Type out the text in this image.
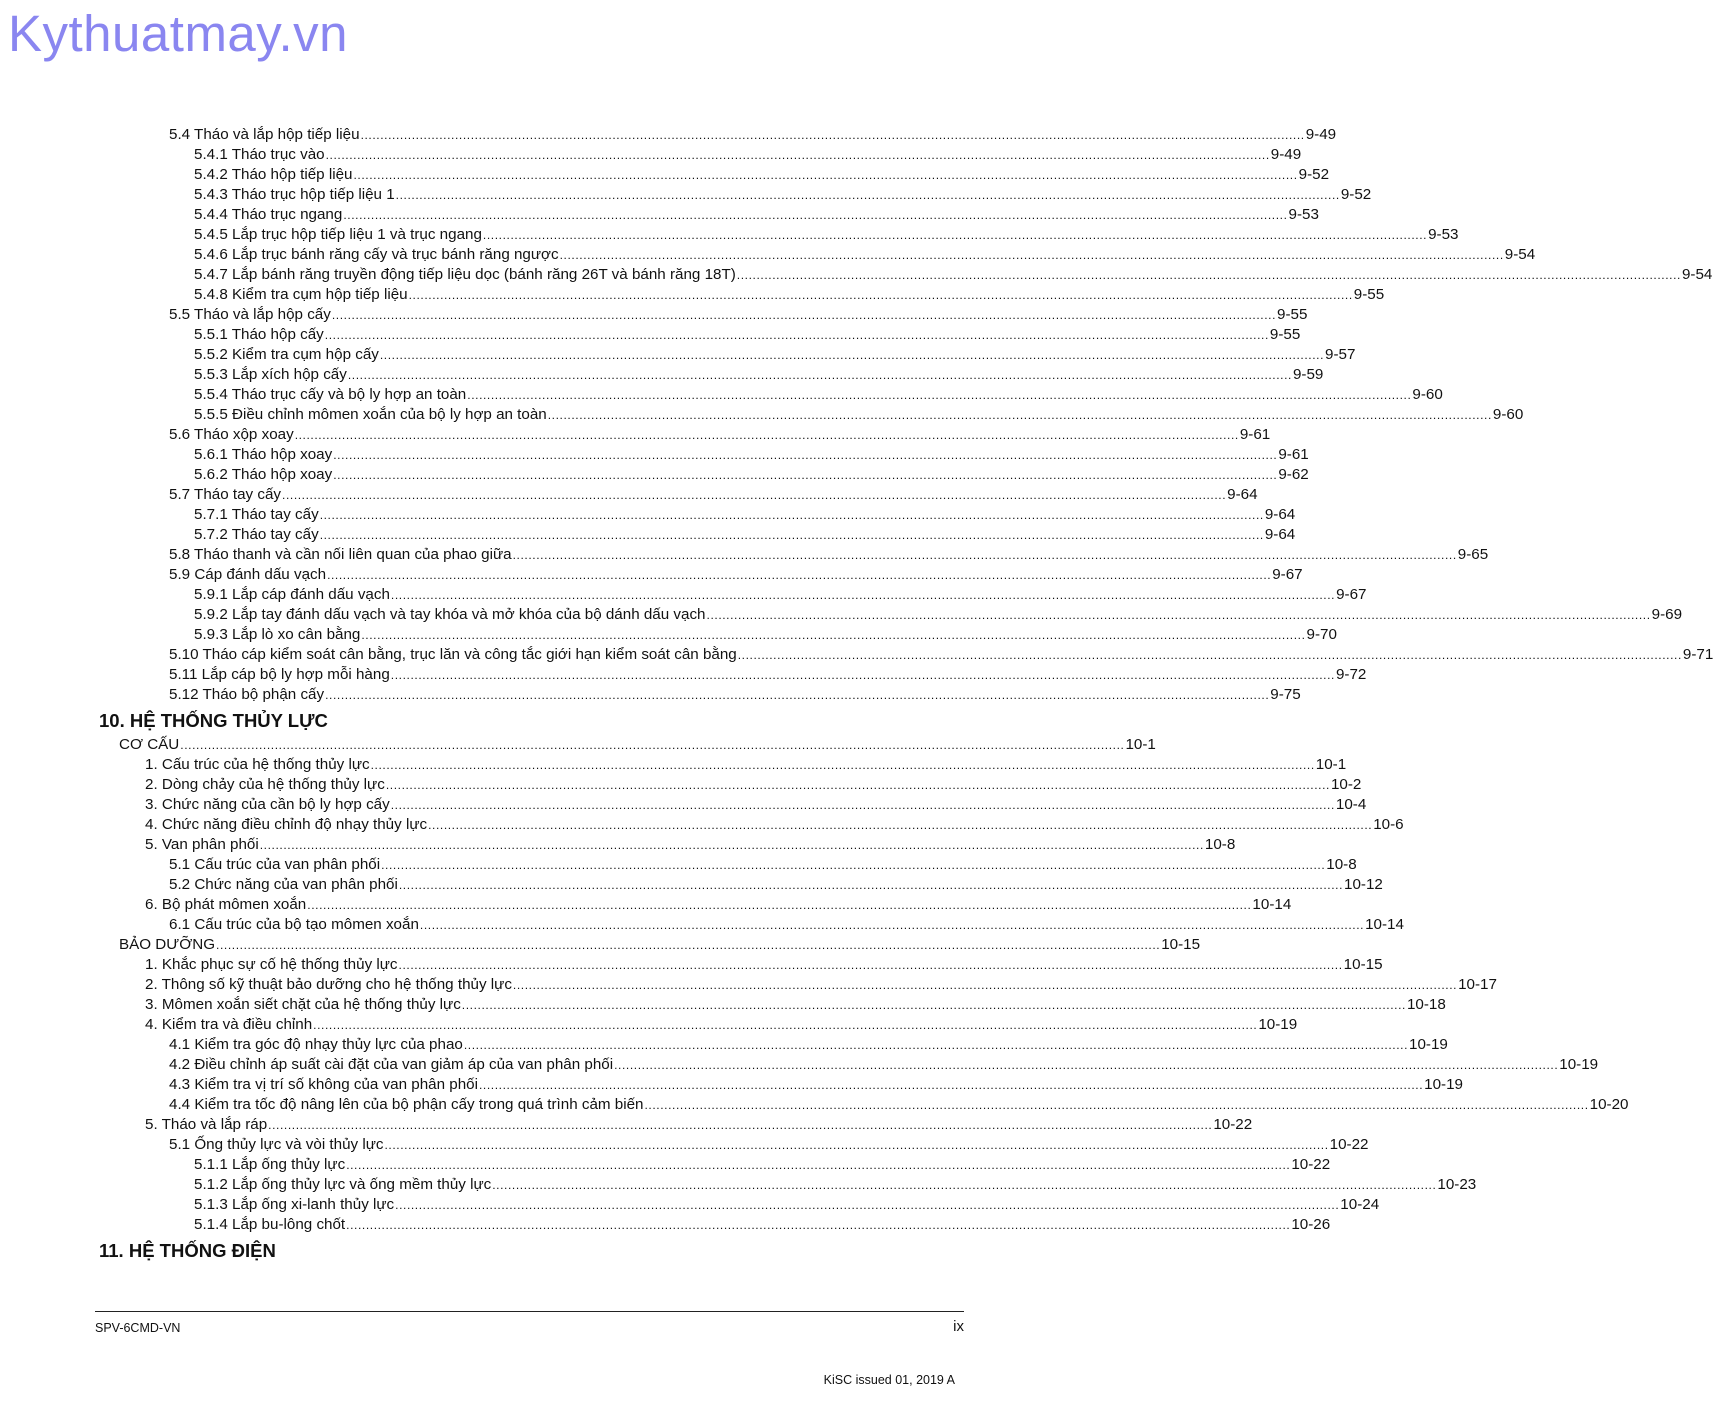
Kythuatmay.vn
5.4 Tháo và lắp hộp tiếp liệu ................................................................................................................................................................................................................................................ 9-49
5.4.1 Tháo trục vào ................................................................................................................................................................................................................................................ 9-49
5.4.2 Tháo hộp tiếp liệu ................................................................................................................................................................................................................................................ 9-52
5.4.3 Tháo trục hộp tiếp liệu 1 ................................................................................................................................................................................................................................................ 9-52
5.4.4 Tháo trục ngang ................................................................................................................................................................................................................................................ 9-53
5.4.5 Lắp trục hộp tiếp liệu 1 và trục ngang ................................................................................................................................................................................................................................................ 9-53
5.4.6 Lắp trục bánh răng cấy và trục bánh răng ngược ................................................................................................................................................................................................................................................ 9-54
5.4.7 Lắp bánh răng truyền động tiếp liệu dọc (bánh răng 26T và bánh răng 18T) ................................................................................................................................................................................................................................................ 9-54
5.4.8 Kiểm tra cụm hộp tiếp liệu ................................................................................................................................................................................................................................................ 9-55
5.5 Tháo và lắp hộp cấy ................................................................................................................................................................................................................................................ 9-55
5.5.1 Tháo hộp cấy ................................................................................................................................................................................................................................................ 9-55
5.5.2 Kiểm tra cụm hộp cấy ................................................................................................................................................................................................................................................ 9-57
5.5.3 Lắp xích hộp cấy ................................................................................................................................................................................................................................................ 9-59
5.5.4 Tháo trục cấy và bộ ly hợp an toàn ................................................................................................................................................................................................................................................ 9-60
5.5.5 Điều chỉnh mômen xoắn của bộ ly hợp an toàn ................................................................................................................................................................................................................................................ 9-60
5.6 Tháo xộp xoay ................................................................................................................................................................................................................................................ 9-61
5.6.1 Tháo hộp xoay ................................................................................................................................................................................................................................................ 9-61
5.6.2 Tháo hộp xoay ................................................................................................................................................................................................................................................ 9-62
5.7 Tháo tay cấy ................................................................................................................................................................................................................................................ 9-64
5.7.1 Tháo tay cấy ................................................................................................................................................................................................................................................ 9-64
5.7.2 Tháo tay cấy ................................................................................................................................................................................................................................................ 9-64
5.8 Tháo thanh và cần nối liên quan của phao giữa ................................................................................................................................................................................................................................................ 9-65
5.9 Cáp đánh dấu vạch ................................................................................................................................................................................................................................................ 9-67
5.9.1 Lắp cáp đánh dấu vạch ................................................................................................................................................................................................................................................ 9-67
5.9.2 Lắp tay đánh dấu vạch và tay khóa và mở khóa của bộ dánh dấu vạch ................................................................................................................................................................................................................................................ 9-69
5.9.3 Lắp lò xo cân bằng ................................................................................................................................................................................................................................................ 9-70
5.10 Tháo cáp kiểm soát cân bằng, trục lăn và công tắc giới hạn kiểm soát cân bằng ................................................................................................................................................................................................................................................ 9-71
5.11 Lắp cáp bộ ly hợp mỗi hàng ................................................................................................................................................................................................................................................ 9-72
5.12 Tháo bộ phận cấy ................................................................................................................................................................................................................................................ 9-75
10. HỆ THỐNG THỦY LỰC
CƠ CẤU ................................................................................................................................................................................................................................................ 10-1
1. Cấu trúc của hệ thống thủy lực ................................................................................................................................................................................................................................................ 10-1
2. Dòng chảy của hệ thống thủy lực ................................................................................................................................................................................................................................................ 10-2
3. Chức năng của cần bộ ly hợp cấy ................................................................................................................................................................................................................................................ 10-4
4. Chức năng điều chỉnh độ nhạy thủy lực ................................................................................................................................................................................................................................................ 10-6
5. Van phân phối ................................................................................................................................................................................................................................................ 10-8
5.1 Cấu trúc của van phân phối ................................................................................................................................................................................................................................................ 10-8
5.2 Chức năng của van phân phối ................................................................................................................................................................................................................................................ 10-12
6. Bộ phát mômen xoắn ................................................................................................................................................................................................................................................ 10-14
6.1 Cấu trúc của bộ tạo mômen xoắn ................................................................................................................................................................................................................................................ 10-14
BẢO DƯỠNG ................................................................................................................................................................................................................................................ 10-15
1. Khắc phục sự cố hệ thống thủy lực ................................................................................................................................................................................................................................................ 10-15
2. Thông số kỹ thuật bảo dưỡng cho hệ thống thủy lực ................................................................................................................................................................................................................................................ 10-17
3. Mômen xoắn siết chặt của hệ thống thủy lực ................................................................................................................................................................................................................................................ 10-18
4. Kiểm tra và điều chỉnh ................................................................................................................................................................................................................................................ 10-19
4.1 Kiểm tra góc độ nhạy thủy lực của phao ................................................................................................................................................................................................................................................ 10-19
4.2 Điều chỉnh áp suất cài đặt của van giảm áp của van phân phối ................................................................................................................................................................................................................................................ 10-19
4.3 Kiểm tra vị trí số không của van phân phối ................................................................................................................................................................................................................................................ 10-19
4.4 Kiểm tra tốc độ nâng lên của bộ phận cấy trong quá trình cảm biến ................................................................................................................................................................................................................................................ 10-20
5. Tháo và lắp ráp ................................................................................................................................................................................................................................................ 10-22
5.1 Ống thủy lực và vòi thủy lực ................................................................................................................................................................................................................................................ 10-22
5.1.1 Lắp ống thủy lực ................................................................................................................................................................................................................................................ 10-22
5.1.2 Lắp ống thủy lực và ống mềm thủy lực ................................................................................................................................................................................................................................................ 10-23
5.1.3 Lắp ống xi-lanh thủy lực ................................................................................................................................................................................................................................................ 10-24
5.1.4 Lắp bu-lông chốt ................................................................................................................................................................................................................................................ 10-26
11. HỆ THỐNG ĐIỆN
SPV-6CMD-VN	ix
KiSC issued 01, 2019 A
